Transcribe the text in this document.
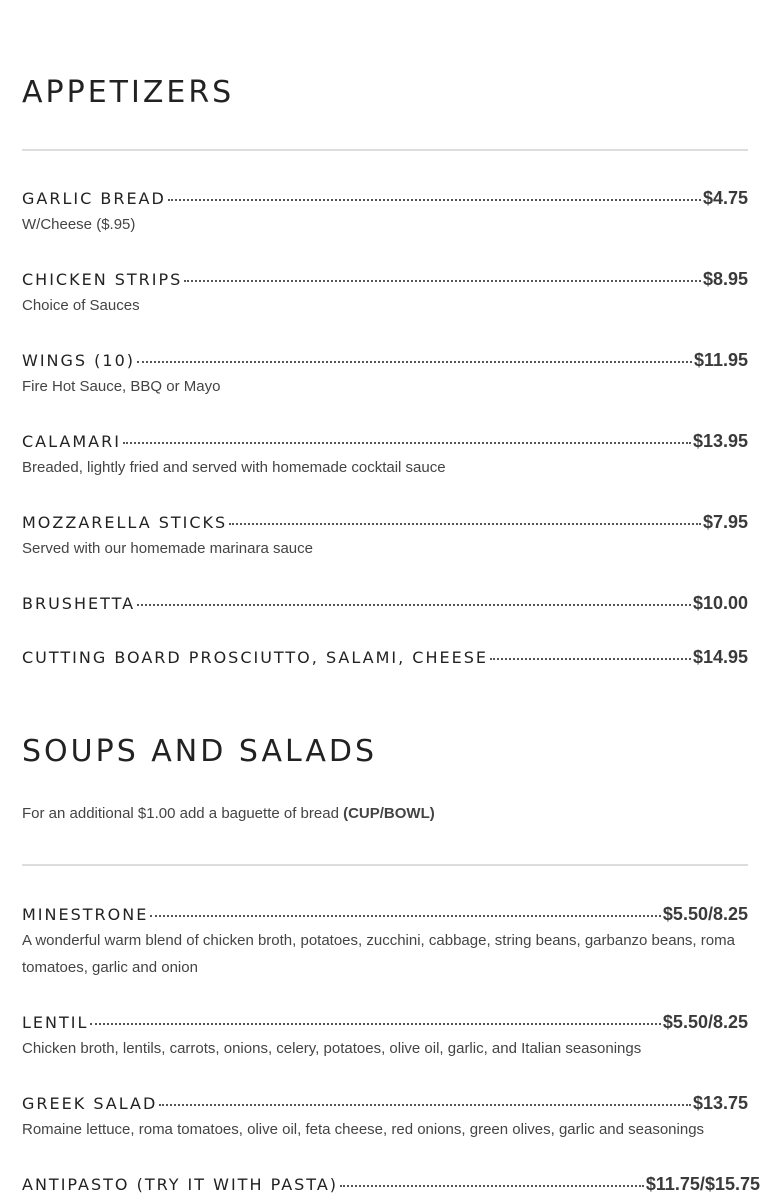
APPETIZERS
GARLIC BREAD	$4.75
W/Cheese ($.95)
CHICKEN STRIPS	$8.95
Choice of Sauces
WINGS (10)	$11.95
Fire Hot Sauce, BBQ or Mayo
CALAMARI	$13.95
Breaded, lightly fried and served with homemade cocktail sauce
MOZZARELLA STICKS	$7.95
Served with our homemade marinara sauce
BRUSHETTA	$10.00
CUTTING BOARD PROSCIUTTO, SALAMI, CHEESE	$14.95
SOUPS AND SALADS
For an additional $1.00 add a baguette of bread (CUP/BOWL)
MINESTRONE	$5.50/8.25
A wonderful warm blend of chicken broth, potatoes, zucchini, cabbage, string beans, garbanzo beans, roma tomatoes, garlic and onion
LENTIL	$5.50/8.25
Chicken broth, lentils, carrots, onions, celery, potatoes, olive oil, garlic, and Italian seasonings
GREEK SALAD	$13.75
Romaine lettuce, roma tomatoes, olive oil, feta cheese, red onions, green olives, garlic and seasonings
ANTIPASTO (TRY IT WITH PASTA)	$11.75/$15.75
